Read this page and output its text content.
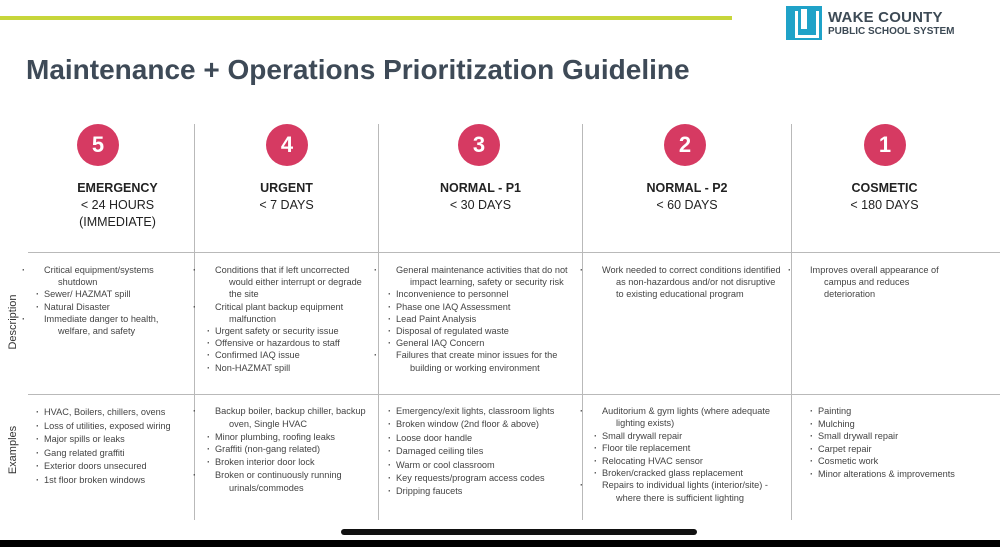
WAKE COUNTY
PUBLIC SCHOOL SYSTEM
Maintenance + Operations Prioritization Guideline
Description
Examples
5
EMERGENCY
< 24 HOURS
(IMMEDIATE)
· Critical equipment/systems shutdown
· Sewer/ HAZMAT spill
· Natural Disaster
· Immediate danger to health, welfare, and safety
· HVAC, Boilers, chillers, ovens
· Loss of utilities, exposed wiring
· Major spills or leaks
· Gang related graffiti
· Exterior doors unsecured
· 1st floor broken windows
4
URGENT
< 7 DAYS
· Conditions that if left uncorrected would either interrupt or degrade the site
· Critical plant backup equipment malfunction
· Urgent safety or security issue
· Offensive or hazardous to staff
· Confirmed IAQ issue
· Non-HAZMAT spill
· Backup boiler, backup chiller, backup oven, Single HVAC
· Minor plumbing, roofing leaks
· Graffiti (non-gang related)
· Broken interior door lock
· Broken or continuously running urinals/commodes
3
NORMAL - P1
< 30 DAYS
· General maintenance activities that do not impact learning, safety or security risk
· Inconvenience to personnel
· Phase one IAQ Assessment
· Lead Paint Analysis
· Disposal of regulated waste
· General IAQ Concern
· Failures that create minor issues for the building or working environment
· Emergency/exit lights, classroom lights
· Broken window (2nd floor & above)
· Loose door handle
· Damaged ceiling tiles
· Warm or cool classroom
· Key requests/program access codes
· Dripping faucets
2
NORMAL - P2
< 60 DAYS
· Work needed to correct conditions identified as non-hazardous and/or not disruptive to existing educational program
· Auditorium & gym lights (where adequate lighting exists)
· Small drywall repair
· Floor tile replacement
· Relocating HVAC sensor
· Broken/cracked glass replacement
· Repairs to individual lights (interior/site) - where there is sufficient lighting
1
COSMETIC
< 180 DAYS
· Improves overall appearance of campus and reduces deterioration
· Painting
· Mulching
· Small drywall repair
· Carpet repair
· Cosmetic work
· Minor alterations & improvements
